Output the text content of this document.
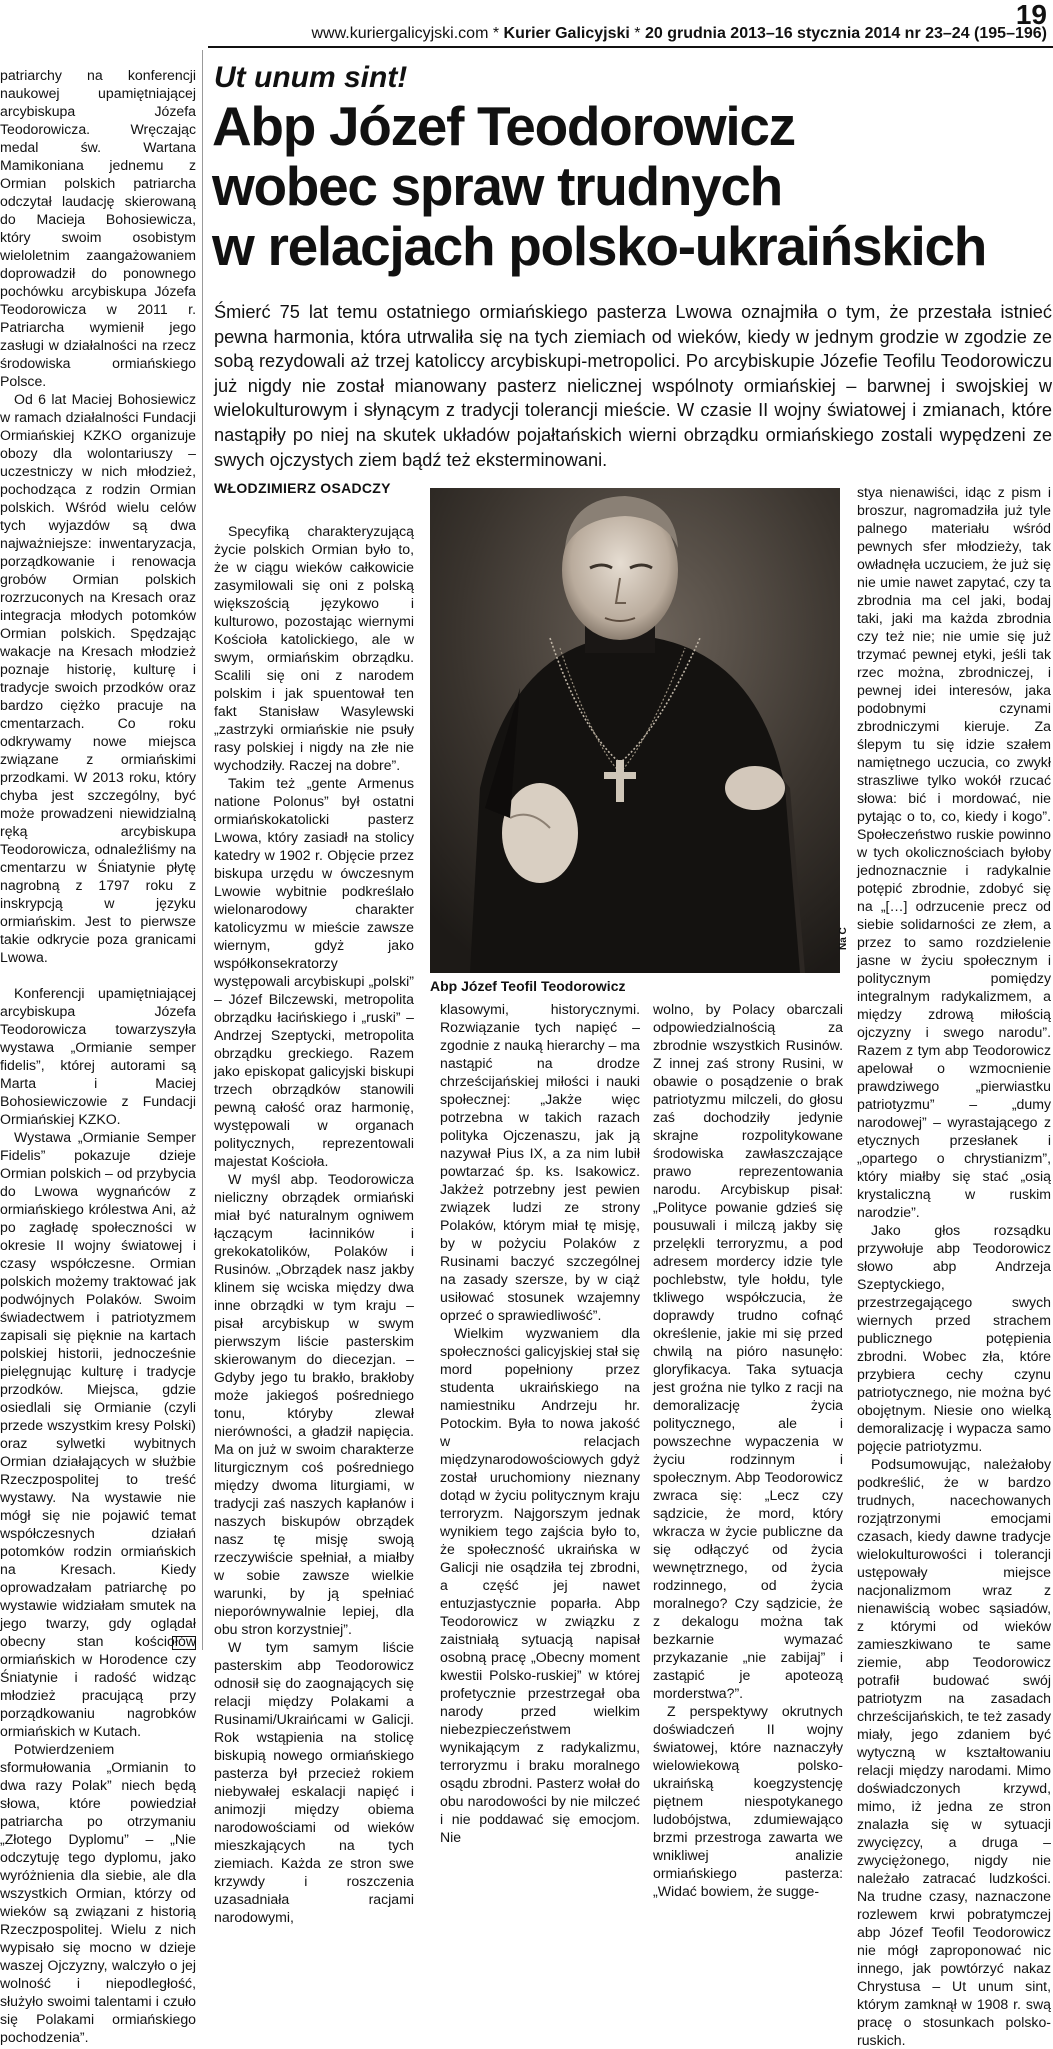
www.kuriergalicyjski.com * Kurier Galicyjski * 20 grudnia 2013–16 stycznia 2014 nr 23–24 (195–196)
19

patriarchy na konferencji naukowej upamiętniającej arcybiskupa Józefa Teodorowicza. Wręczając medal św. Wartana Mamikoniana jednemu z Ormian polskich patriarcha odczytał laudację skierowaną do Macieja Bohosiewicza, który swoim osobistym wieloletnim zaangażowaniem doprowadził do ponownego pochówku arcybiskupa Józefa Teodorowicza w 2011 r. Patriarcha wymienił jego zasługi w działalności na rzecz środowiska ormiańskiego Polsce.

Od 6 lat Maciej Bohosiewicz w ramach działalności Fundacji Ormiańskiej KZKO organizuje obozy dla wolontariuszy – uczestniczy w nich młodzież, pochodząca z rodzin Ormian polskich. Wśród wielu celów tych wyjazdów są dwa najważniejsze: inwentaryzacja, porządkowanie i renowacja grobów Ormian polskich rozrzuconych na Kresach oraz integracja młodych potomków Ormian polskich. Spędzając wakacje na Kresach młodzież poznaje historię, kulturę i tradycje swoich przodków oraz bardzo ciężko pracuje na cmentarzach. Co roku odkrywamy nowe miejsca związane z ormiańskimi przodkami. W 2013 roku, który chyba jest szczególny, być może prowadzeni niewidzialną ręką arcybiskupa Teodorowicza, odnaleźliśmy na cmentarzu w Śniatynie płytę nagrobną z 1797 roku z inskrypcją w języku ormiańskim. Jest to pierwsze takie odkrycie poza granicami Lwowa.

Konferencji upamiętniającej arcybiskupa Józefa Teodorowicza towarzyszyła wystawa „Ormianie semper fidelis”, której autorami są Marta i Maciej Bohosiewiczowie z Fundacji Ormiańskiej KZKO.

Wystawa „Ormianie Semper Fidelis” pokazuje dzieje Ormian polskich – od przybycia do Lwowa wygnańców z ormiańskiego królestwa Ani, aż po zagładę społeczności w okresie II wojny światowej i czasy współczesne. Ormian polskich możemy traktować jak podwójnych Polaków. Swoim świadectwem i patriotyzmem zapisali się pięknie na kartach polskiej historii, jednocześnie pielęgnując kulturę i tradycje przodków. Miejsca, gdzie osiedlali się Ormianie (czyli przede wszystkim kresy Polski) oraz sylwetki wybitnych Ormian działających w służbie Rzeczpospolitej to treść wystawy. Na wystawie nie mógł się nie pojawić temat współczesnych działań potomków rodzin ormiańskich na Kresach. Kiedy oprowadzałam patriarchę po wystawie widziałam smutek na jego twarzy, gdy oglądał obecny stan kościołów ormiańskich w Horodence czy Śniatynie i radość widząc młodzież pracującą przy porządkowaniu nagrobków ormiańskich w Kutach.

Potwierdzeniem sformułowania „Ormianin to dwa razy Polak” niech będą słowa, które powiedział patriarcha po otrzymaniu „Złotego Dyplomu” – „Nie odczytuję tego dyplomu, jako wyróżnienia dla siebie, ale dla wszystkich Ormian, którzy od wieków są związani z historią Rzeczpospolitej. Wielu z nich wypisało się mocno w dzieje waszej Ojczyzny, walczyło o jej wolność i niepodległość, służyło swoimi talentami i czuło się Polakami ormiańskiego pochodzenia”.

Ut unum sint!
Abp Józef Teodorowicz
wobec spraw trudnych
w relacjach polsko-ukraińskich
Śmierć 75 lat temu ostatniego ormiańskiego pasterza Lwowa oznajmiła o tym, że przestała istnieć pewna harmonia, która utrwaliła się na tych ziemiach od wieków, kiedy w jednym grodzie w zgodzie ze sobą rezydowali aż trzej katoliccy arcybiskupi-metropolici. Po arcybiskupie Józefie Teofilu Teodorowiczu już nigdy nie został mianowany pasterz nielicznej wspólnoty ormiańskiej – barwnej i swojskiej w wielokulturowym i słynącym z tradycji tolerancji mieście. W czasie II wojny światowej i zmianach, które nastąpiły po niej na skutek układów pojałtańskich wierni obrządku ormiańskiego zostali wypędzeni ze swych ojczystych ziem bądź też eksterminowani.
WŁODZIMIERZ OSADCZY
Na C
Abp Józef Teofil Teodorowicz

Specyfiką charakteryzującą życie polskich Ormian było to, że w ciągu wieków całkowicie zasymilowali się oni z polską większością językowo i kulturowo, pozostając wiernymi Kościoła katolickiego, ale w swym, ormiańskim obrządku. Scalili się oni z narodem polskim i jak spuentował ten fakt Stanisław Wasylewski „zastrzyki ormiańskie nie psuły rasy polskiej i nigdy na złe nie wychodziły. Raczej na dobre”.

Takim też „gente Armenus natione Polonus” był ostatni ormiańskokatolicki pasterz Lwowa, który zasiadł na stolicy katedry w 1902 r. Objęcie przez biskupa urzędu w ówczesnym Lwowie wybitnie podkreślało wielonarodowy charakter katolicyzmu w mieście zawsze wiernym, gdyż jako współkonsekratorzy występowali arcybiskupi „polski” – Józef Bilczewski, metropolita obrządku łacińskiego i „ruski” – Andrzej Szeptycki, metropolita obrządku greckiego. Razem jako episkopat galicyjski biskupi trzech obrządków stanowili pewną całość oraz harmonię, występowali w organach politycznych, reprezentowali majestat Kościoła.

W myśl abp. Teodorowicza nieliczny obrządek ormiański miał być naturalnym ogniwem łączącym łacinników i grekokatolików, Polaków i Rusinów. „Obrządek nasz jakby klinem się wciska między dwa inne obrządki w tym kraju – pisał arcybiskup w swym pierwszym liście pasterskim skierowanym do diecezjan. – Gdyby jego tu brakło, brakłoby może jakiegoś pośredniego tonu, któryby zlewał nierówności, a gładził napięcia. Ma on już w swoim charakterze liturgicznym coś pośredniego między dwoma liturgiami, w tradycji zaś naszych kapłanów i naszych biskupów obrządek nasz tę misję swoją rzeczywiście spełniał, a miałby w sobie zawsze wielkie warunki, by ją spełniać nieporównywalnie lepiej, dla obu stron korzystniej”.

W tym samym liście pasterskim abp Teodorowicz odnosił się do zaognających się relacji między Polakami a Rusinami/Ukraińcami w Galicji. Rok wstąpienia na stolicę biskupią nowego ormiańskiego pasterza był przecież rokiem niebywałej eskalacji napięć i animozji między obiema narodowościami od wieków mieszkających na tych ziemiach. Każda ze stron swe krzywdy i roszczenia uzasadniała racjami narodowymi,

klasowymi, historycznymi. Rozwiązanie tych napięć – zgodnie z nauką hierarchy – ma nastąpić na drodze chrześcijańskiej miłości i nauki społecznej: „Jakże więc potrzebna w takich razach polityka Ojczenaszu, jak ją nazywał Pius IX, a za nim lubił powtarzać śp. ks. Isakowicz. Jakżeż potrzebny jest pewien związek ludzi ze strony Polaków, którym miał tę misję, by w pożyciu Polaków z Rusinami baczyć szczególnej na zasady szersze, by w ciąż usiłować stosunek wzajemny oprzeć o sprawiedliwość”.

Wielkim wyzwaniem dla społeczności galicyjskiej stał się mord popełniony przez studenta ukraińskiego na namiestniku Andrzeju hr. Potockim. Była to nowa jakość w relacjach międzynarodowościowych gdyż został uruchomiony nieznany dotąd w życiu politycznym kraju terroryzm. Najgorszym jednak wynikiem tego zajścia było to, że społeczność ukraińska w Galicji nie osądziła tej zbrodni, a część jej nawet entuzjastycznie poparła. Abp Teodorowicz w związku z zaistniałą sytuacją napisał osobną pracę „Obecny moment kwestii Polsko-ruskiej” w której profetycznie przestrzegał oba narody przed wielkim niebezpieczeństwem wynikającym z radykalizmu, terroryzmu i braku moralnego osądu zbrodni. Pasterz wołał do obu narodowości by nie milczeć i nie poddawać się emocjom. Nie

wolno, by Polacy obarczali odpowiedzialnością za zbrodnie wszystkich Rusinów. Z innej zaś strony Rusini, w obawie o posądzenie o brak patriotyzmu milczeli, do głosu zaś dochodziły jedynie skrajne rozpolitykowane środowiska zawłaszczające prawo reprezentowania narodu. Arcybiskup pisał: „Polityce powanie gdzieś się pousuwali i milczą jakby się przelękli terroryzmu, a pod adresem mordercy idzie tyle pochlebstw, tyle hołdu, tyle tkliwego współczucia, że doprawdy trudno cofnąć określenie, jakie mi się przed chwilą na pióro nasunęło: gloryfikacya. Taka sytuacja jest groźna nie tylko z racji na demoralizację życia politycznego, ale i powszechne wypaczenia w życiu rodzinnym i społecznym. Abp Teodorowicz zwraca się: „Lecz czy sądzicie, że mord, który wkracza w życie publiczne da się odłączyć od życia wewnętrznego, od życia rodzinnego, od życia moralnego? Czy sądzicie, że z dekalogu można tak bezkarnie wymazać przykazanie „nie zabijaj” i zastąpić je apoteozą morderstwa?”.

Z perspektywy okrutnych doświadczeń II wojny światowej, które naznaczyły wielowiekową polsko-ukraińską koegzystencję piętnem niespotykanego ludobójstwa, zdumiewająco brzmi przestroga zawarta we wnikliwej analizie ormiańskiego pasterza: „Widać bowiem, że sugge-

stya nienawiści, idąc z pism i broszur, nagromadziła już tyle palnego materiału wśród pewnych sfer młodzieży, tak owładnęła uczuciem, że już się nie umie nawet zapytać, czy ta zbrodnia ma cel jaki, bodaj taki, jaki ma każda zbrodnia czy też nie; nie umie się już trzymać pewnej etyki, jeśli tak rzec można, zbrodniczej, i pewnej idei interesów, jaka podobnymi czynami zbrodniczymi kieruje. Za ślepym tu się idzie szałem namiętnego uczucia, co zwykł straszliwe tylko wokół rzucać słowa: bić i mordować, nie pytając o to, co, kiedy i kogo”. Społeczeństwo ruskie powinno w tych okolicznościach byłoby jednoznacznie i radykalnie potępić zbrodnie, zdobyć się na „[…] odrzucenie precz od siebie solidarności ze złem, a przez to samo rozdzielenie jasne w życiu społecznym i politycznym pomiędzy integralnym radykalizmem, a między zdrową miłością ojczyzny i swego narodu”. Razem z tym abp Teodorowicz apelował o wzmocnienie prawdziwego „pierwiastku patriotyzmu” – „dumy narodowej” – wyrastającego z etycznych przesłanek i „opartego o chrystianizm”, który miałby się stać „osią krystaliczną w ruskim narodzie”.

Jako głos rozsądku przywołuje abp Teodorowicz słowo abp Andrzeja Szeptyckiego, przestrzegającego swych wiernych przed strachem publicznego potępienia zbrodni. Wobec zła, które przybiera cechy czynu patriotycznego, nie można być obojętnym. Niesie ono wielką demoralizację i wypacza samo pojęcie patriotyzmu.

Podsumowując, należałoby podkreślić, że w bardzo trudnych, nacechowanych rozjątrzonymi emocjami czasach, kiedy dawne tradycje wielokulturowości i tolerancji ustępowały miejsce nacjonalizmom wraz z nienawiścią wobec sąsiadów, z którymi od wieków zamieszkiwano te same ziemie, abp Teodorowicz potrafił budować swój patriotyzm na zasadach chrześcijańskich, te też zasady miały, jego zdaniem być wytyczną w kształtowaniu relacji między narodami. Mimo doświadczonych krzywd, mimo, iż jedna ze stron znalazła się w sytuacji zwycięzcy, a druga – zwyciężonego, nigdy nie należało zatracać ludzkości. Na trudne czasy, naznaczone rozlewem krwi pobratymczej abp Józef Teofil Teodorowicz nie mógł zaproponować nic innego, jak powtórzyć nakaz Chrystusa – Ut unum sint, którym zamknął w 1908 r. swą pracę o stosunkach polsko-ruskich.
